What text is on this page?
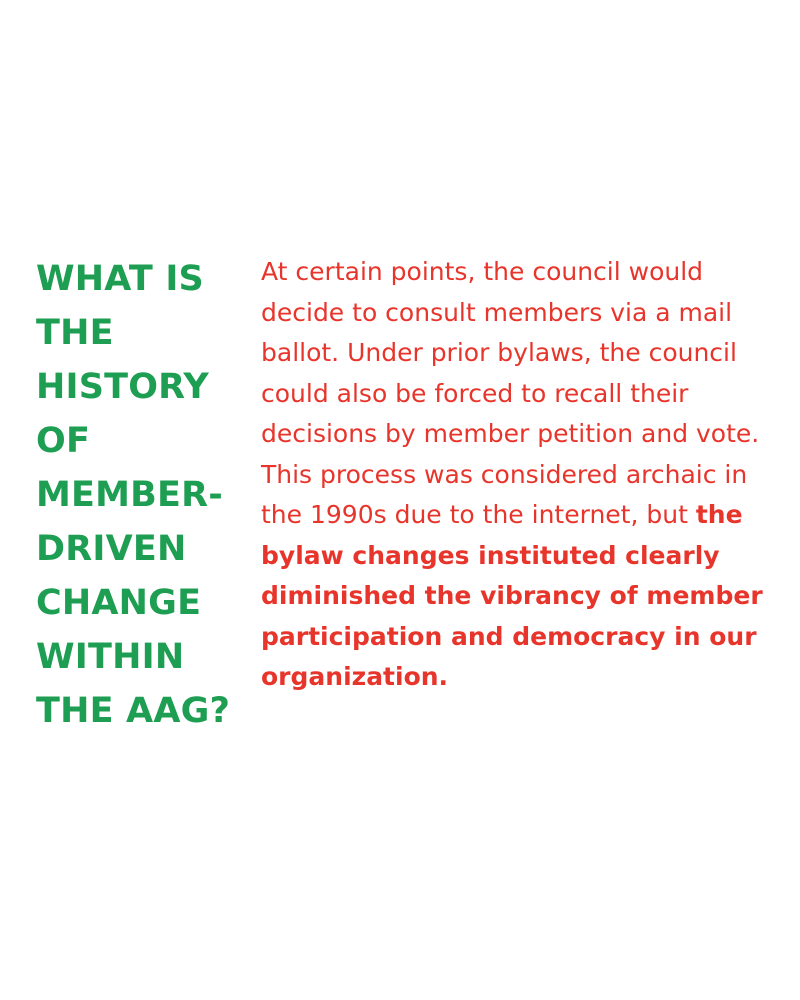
WHAT IS THE HISTORY OF MEMBER-DRIVEN CHANGE WITHIN THE AAG?

At certain points, the council would decide to consult members via a mail ballot. Under prior bylaws, the council could also be forced to recall their decisions by member petition and vote. This process was considered archaic in the 1990s due to the internet, but the bylaw changes instituted clearly diminished the vibrancy of member participation and democracy in our organization.
